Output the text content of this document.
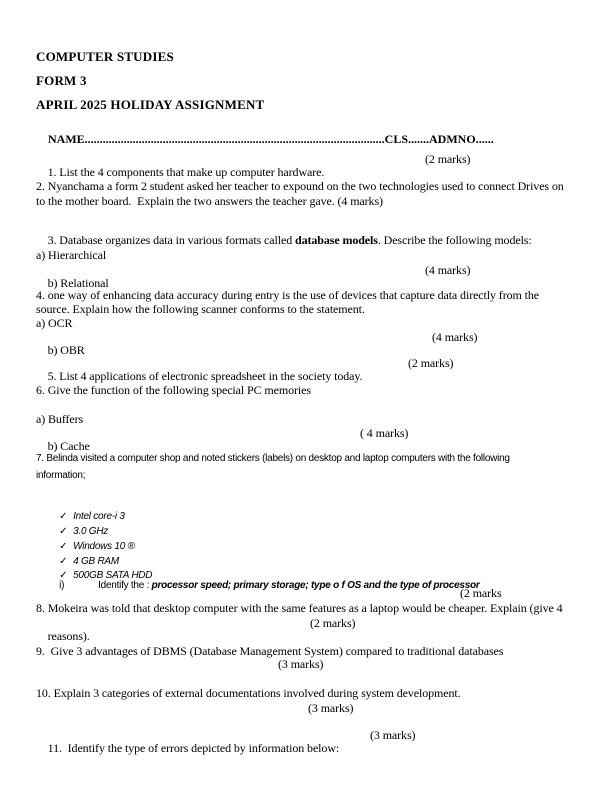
COMPUTER STUDIES
FORM 3
APRIL 2025 HOLIDAY ASSIGNMENT

NAME....................................................................................................CLS.......ADMNO......

1. List the 4 components that make up computer hardware.

(2 marks)

2. Nyanchama a form 2 student asked her teacher to expound on the two technologies used to connect Drives on
to the mother board.  Explain the two answers the teacher gave. (4 marks)

3. Database organizes data in various formats called database models. Describe the following models:

a) Hierarchical

b) Relational

(4 marks)

4. one way of enhancing data accuracy during entry is the use of devices that capture data directly from the
source. Explain how the following scanner conforms to the statement.
a) OCR

b) OBR

(4 marks)

5. List 4 applications of electronic spreadsheet in the society today.

(2 marks)

6. Give the function of the following special PC memories
a) Buffers

b) Cache

( 4 marks)

7. Belinda visited a computer shop and noted stickers (labels) on desktop and laptop computers with the following
information;

✓ Intel core-i 3

✓ 3.0 GHz

✓ Windows 10 ®

✓ 4 GB RAM

✓ 500GB SATA HDD

i)	Identify the : processor speed; primary storage; type o f OS and the type of processor

(2 marks
8. Mokeira was told that desktop computer with the same features as a laptop would be cheaper. Explain (give 4

reasons).

(2 marks)

9.  Give 3 advantages of DBMS (Database Management System) compared to traditional databases
(3 marks)
10. Explain 3 categories of external documentations involved during system development.
(3 marks)

11.  Identify the type of errors depicted by information below:

(3 marks)
